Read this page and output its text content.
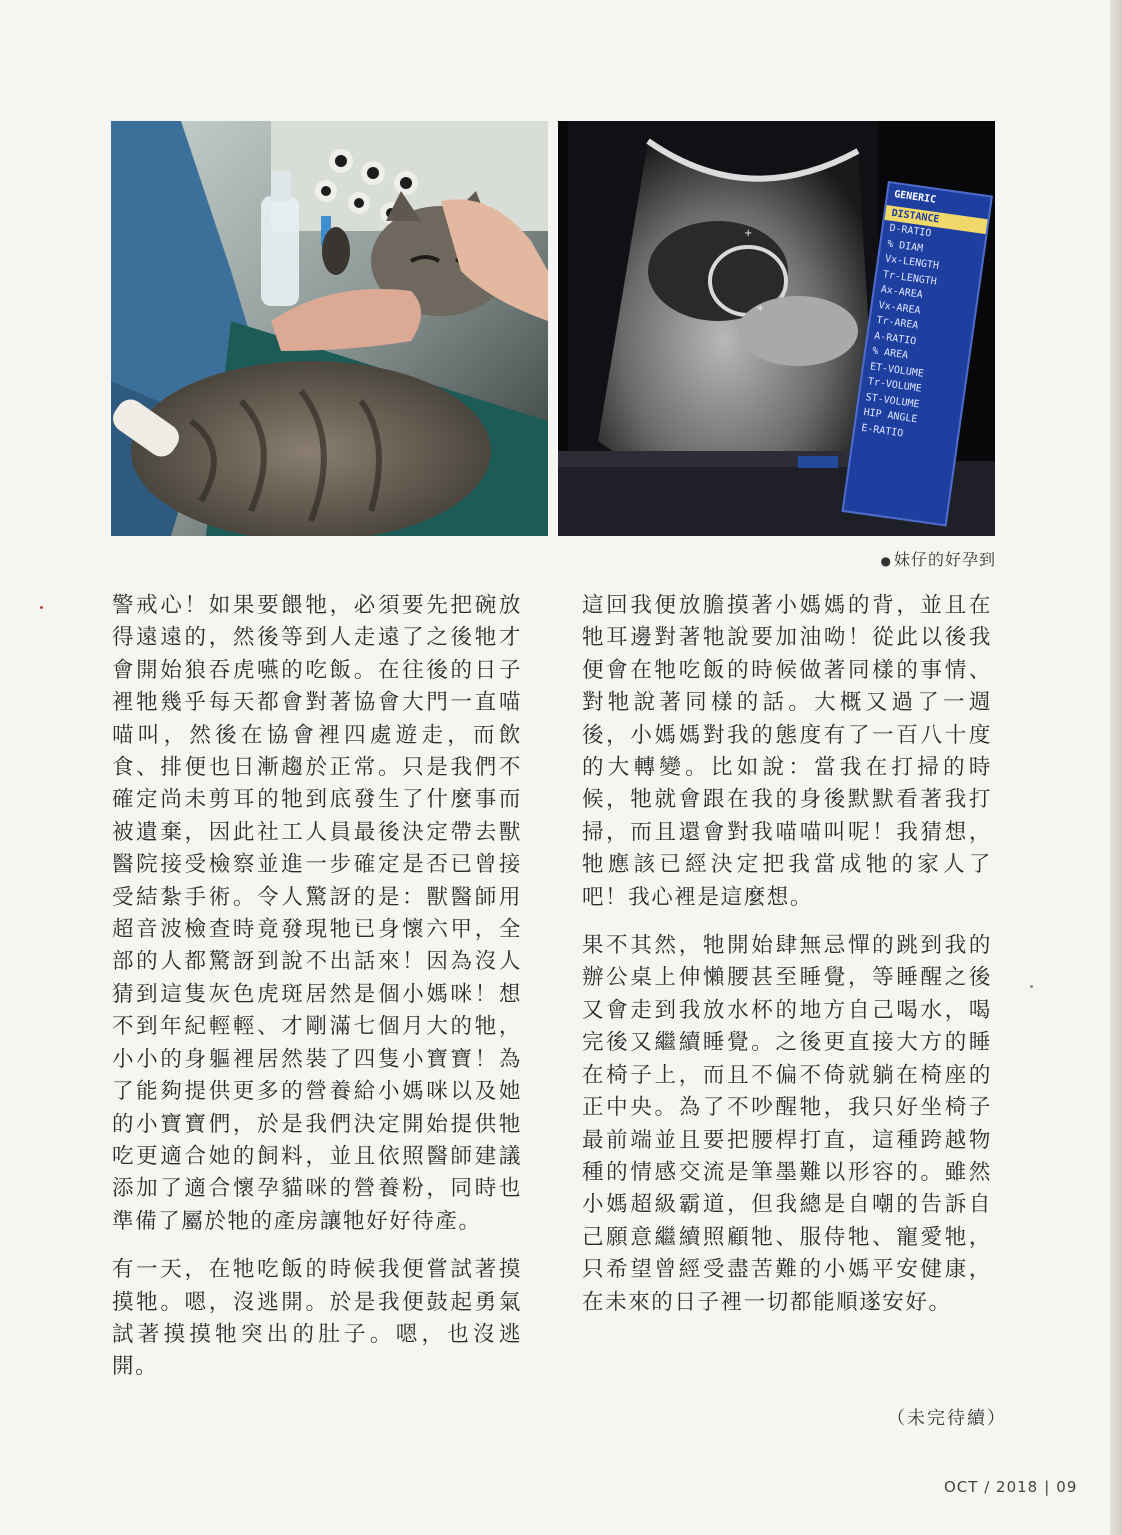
+
+
GENERIC
DISTANCE
D-RATIO
% DIAM
Vx-LENGTH
Tr-LENGTH
Ax-AREA
Vx-AREA
Tr-AREA
A-RATIO
% AREA
ET-VOLUME
Tr-VOLUME
ST-VOLUME
HIP ANGLE
E-RATIO
● 妹仔的好孕到

警戒心！如果要餵牠，必須要先把碗放得遠遠的，然後等到人走遠了之後牠才會開始狼吞虎嚥的吃飯。在往後的日子裡牠幾乎每天都會對著協會大門一直喵喵叫，然後在協會裡四處遊走，而飲食、排便也日漸趨於正常。只是我們不確定尚未剪耳的牠到底發生了什麼事而被遺棄，因此社工人員最後決定帶去獸醫院接受檢察並進一步確定是否已曾接受結紮手術。令人驚訝的是：獸醫師用超音波檢查時竟發現牠已身懷六甲，全部的人都驚訝到說不出話來！因為沒人猜到這隻灰色虎斑居然是個小媽咪！想不到年紀輕輕、才剛滿七個月大的牠，小小的身軀裡居然裝了四隻小寶寶！為了能夠提供更多的營養給小媽咪以及她的小寶寶們，於是我們決定開始提供牠吃更適合她的飼料，並且依照醫師建議添加了適合懷孕貓咪的營養粉，同時也準備了屬於牠的產房讓牠好好待產。

有一天，在牠吃飯的時候我便嘗試著摸摸牠。嗯，沒逃開。於是我便鼓起勇氣試著摸摸牠突出的肚子。嗯，也沒逃開。

這回我便放膽摸著小媽媽的背，並且在牠耳邊對著牠說要加油呦！從此以後我便會在牠吃飯的時候做著同樣的事情、對牠說著同樣的話。大概又過了一週後，小媽媽對我的態度有了一百八十度的大轉變。比如說：當我在打掃的時候，牠就會跟在我的身後默默看著我打掃，而且還會對我喵喵叫呢！我猜想，牠應該已經決定把我當成牠的家人了吧！我心裡是這麼想。

果不其然，牠開始肆無忌憚的跳到我的辦公桌上伸懶腰甚至睡覺，等睡醒之後又會走到我放水杯的地方自己喝水，喝完後又繼續睡覺。之後更直接大方的睡在椅子上，而且不偏不倚就躺在椅座的正中央。為了不吵醒牠，我只好坐椅子最前端並且要把腰桿打直，這種跨越物種的情感交流是筆墨難以形容的。雖然小媽超級霸道，但我總是自嘲的告訴自己願意繼續照顧牠、服侍牠、寵愛牠，只希望曾經受盡苦難的小媽平安健康，在未來的日子裡一切都能順遂安好。

（未完待續）
OCT / 2018 | 09
